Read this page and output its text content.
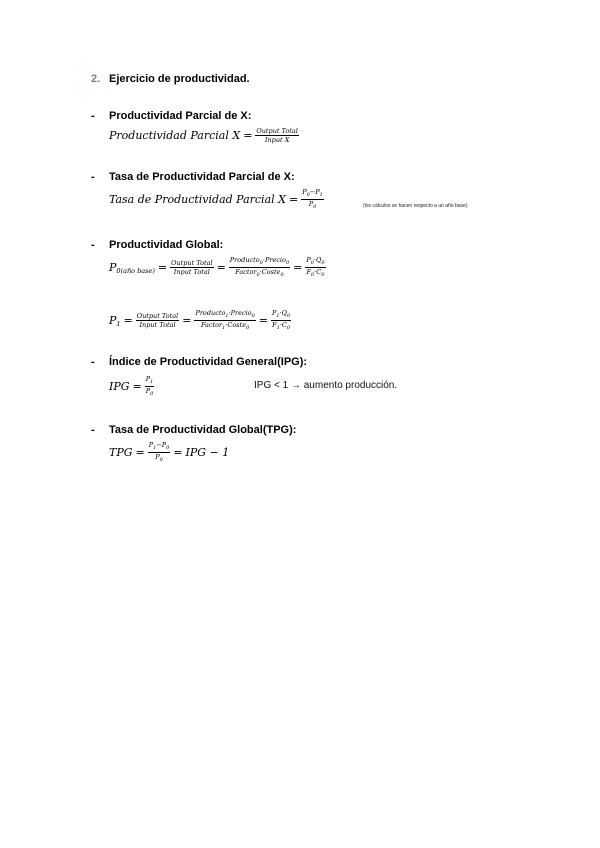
2. Ejercicio de productividad.
- Productividad Parcial de X:
Productividad Parcial $X = \frac{\text{Output Total}}{\text{Input X}}$
- Tasa de Productividad Parcial de X:
Tasa de Productividad Parcial $X = \frac{P_0-P_1}{P_0}$	(los cálculos se hacen respecto a un año base)
- Productividad Global:
$P_{0(año base)} = \frac{\text{Output Total}}{\text{Input Total}} = \frac{Producto_0\cdot Precio_0}{Factor_0\cdot Coste_0} = \frac{P_0\cdot Q_0}{F_0\cdot C_0}$
$P_1 = \frac{\text{Output Total}}{\text{Input Total}} = \frac{Producto_1\cdot Precio_0}{Factor_1\cdot Coste_0} = \frac{P_1\cdot Q_0}{F_1\cdot C_0}$
- Índice de Productividad General(IPG):
IPG = $\frac{P_1}{P_0}$	IPG < 1 → aumento producción.
- Tasa de Productividad Global(TPG):
TPG = $\frac{P_1-P_0}{P_0}$ = IPG − 1
